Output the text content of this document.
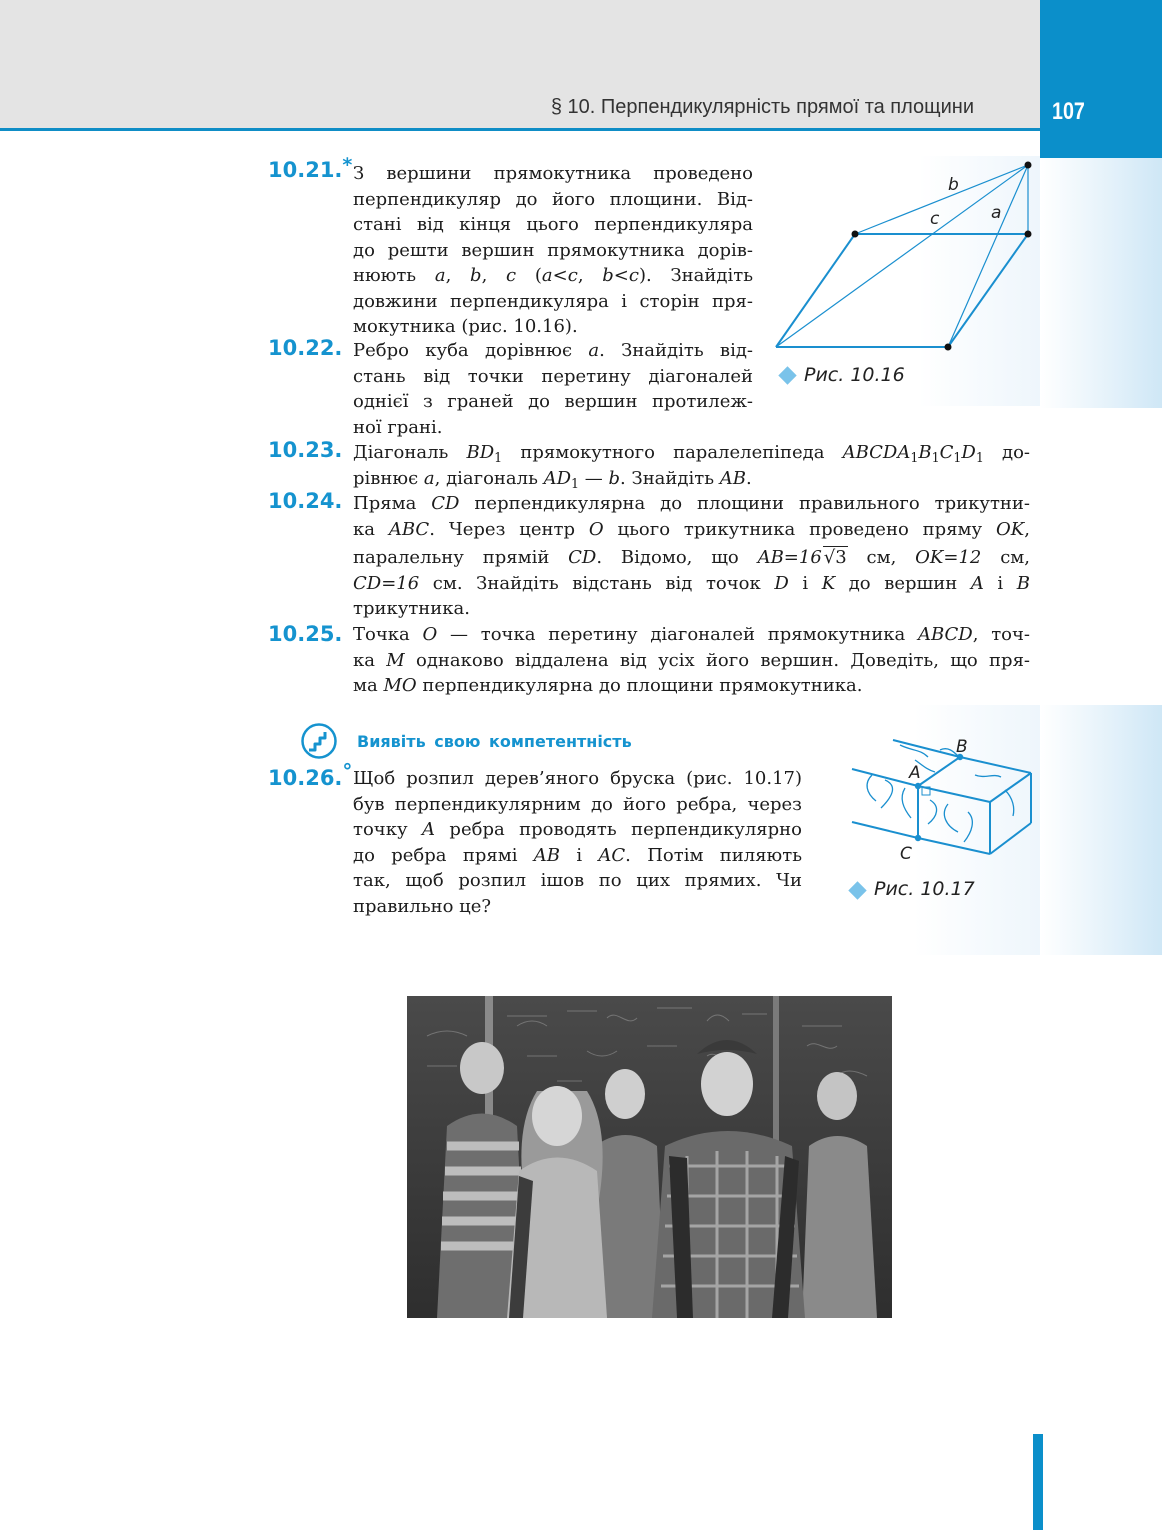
§ 10. Перпендикулярність прямої та площини	107
10.21.* З вершини прямокутника проведено
перпендикуляр до його площини. Від-
стані від кінця цього перпендикуляра
до решти вершин прямокутника дорів-
нюють a, b, c (a<c, b<c). Знайдіть
довжини перпендикуляра і сторін пря-
мокутника (рис. 10.16).
b
c	a
Рис. 10.16
10.22. Ребро куба дорівнює a. Знайдіть від-
стань від точки перетину діагоналей
однієї з граней до вершин протилеж-
ної грані.
10.23. Діагональ $BD_1$ прямокутного паралелепіпеда $ABCDA_1B_1C_1D_1$ до-
рівнює a, діагональ $AD_1$ — b. Знайдіть AB.
10.24. Пряма CD перпендикулярна до площини правильного трикутни-
ка ABC. Через центр O цього трикутника проведено пряму OK,
паралельну прямій CD. Відомо, що AB=16 √3 см, OK=12 см,
CD=16 см. Знайдіть відстань від точок D і K до вершин A і B
трикутника.
10.25. Точка O — точка перетину діагоналей прямокутника ABCD, точ-
ка M однаково віддалена від усіх його вершин. Доведіть, що пря-
ма MO перпендикулярна до площини прямокутника.
Виявіть свою компетентність
10.26.° Щоб розпил дерев’яного бруска (рис. 10.17)
був перпендикулярним до його ребра, через
точку A ребра проводять перпендикулярно
до ребра прямі AB і AC. Потім пиляють
так, щоб розпил ішов по цих прямих. Чи
правильно це?
B
A
C
Рис. 10.17
